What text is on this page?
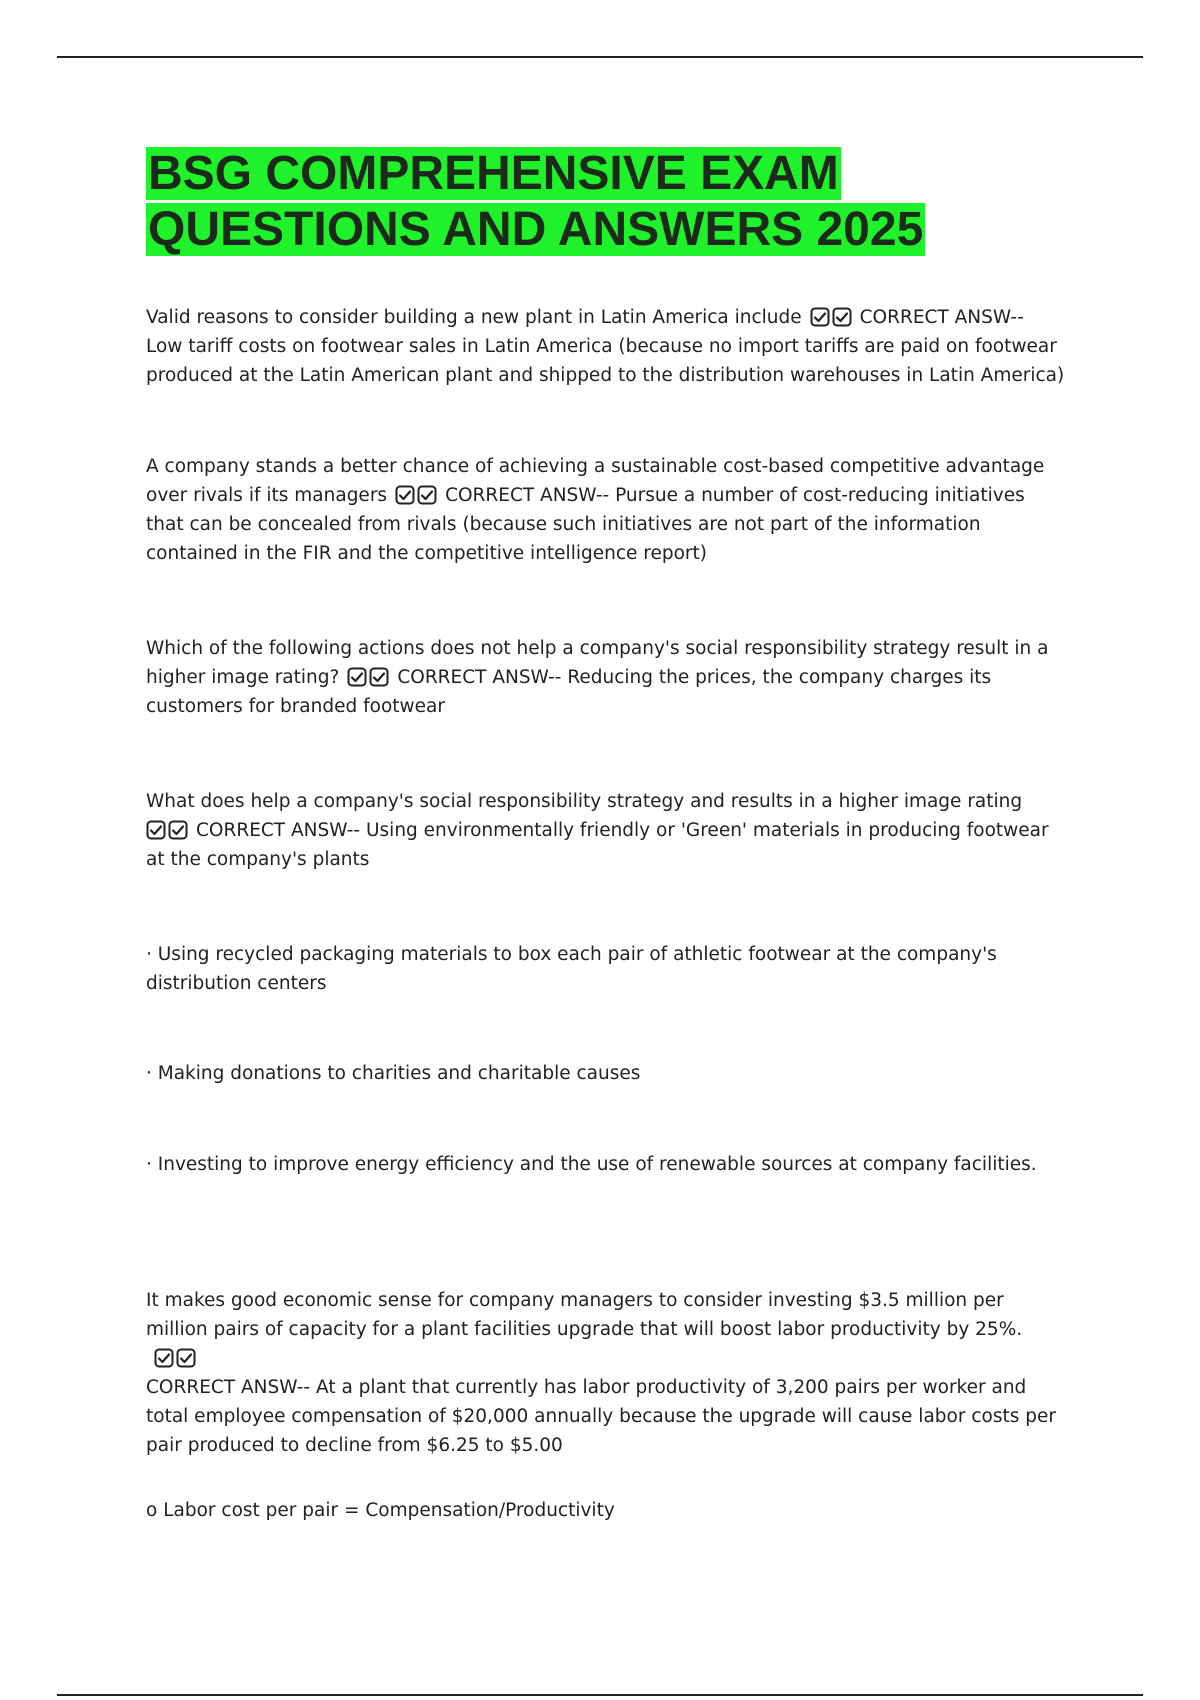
BSG COMPREHENSIVE EXAM
QUESTIONS AND ANSWERS 2025

Valid reasons to consider building a new plant in Latin America include	CORRECT ANSW-- Low tariff costs on footwear sales in Latin America (because no import tariffs are paid on footwear produced at the Latin American plant and shipped to the distribution warehouses in Latin America)

A company stands a better chance of achieving a sustainable cost-based competitive advantage over rivals if its managers	CORRECT ANSW-- Pursue a number of cost-reducing initiatives that can be concealed from rivals (because such initiatives are not part of the information contained in the FIR and the competitive intelligence report)

Which of the following actions does not help a company's social responsibility strategy result in a higher image rating?	CORRECT ANSW-- Reducing the prices, the company charges its customers for branded footwear

What does help a company's social responsibility strategy and results in a higher image rating

CORRECT ANSW-- Using environmentally friendly or 'Green' materials in producing footwear at the company's plants

· Using recycled packaging materials to box each pair of athletic footwear at the company's distribution centers

· Making donations to charities and charitable causes

· Investing to improve energy efficiency and the use of renewable sources at company facilities.

It makes good economic sense for company managers to consider investing $3.5 million per million pairs of capacity for a plant facilities upgrade that will boost labor productivity by 25%.

CORRECT ANSW-- At a plant that currently has labor productivity of 3,200 pairs per worker and total employee compensation of $20,000 annually because the upgrade will cause labor costs per pair produced to decline from $6.25 to $5.00

o Labor cost per pair = Compensation/Productivity
